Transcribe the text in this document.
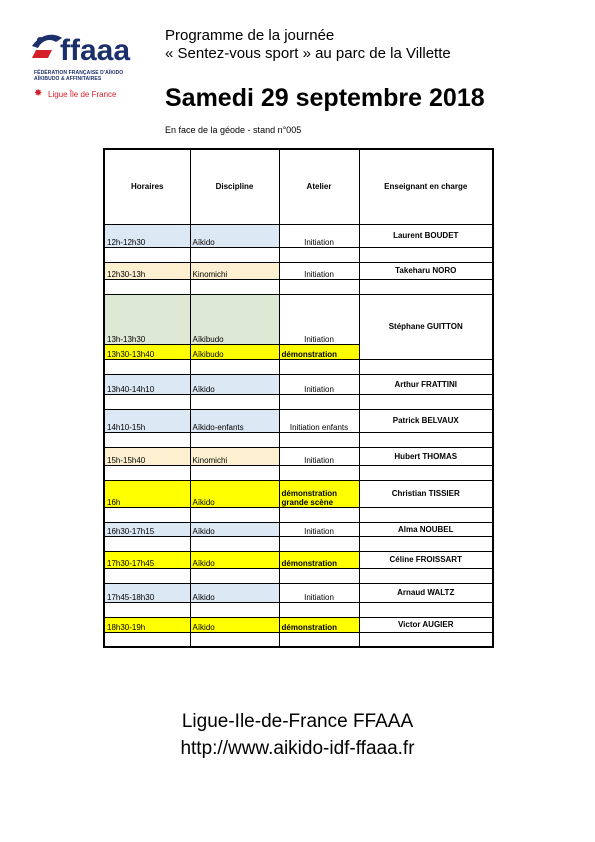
ffaaa
FÉDÉRATION FRANÇAISE D'AÏKIDO
AÏKIBUDO & AFFINITAIRES
✸ Ligue Île de France
Programme de la journée
« Sentez-vous sport » au parc de la Villette
Samedi 29 septembre 2018
En face de la géode - stand n°005
Horaires	Discipline	Atelier	Enseignant en charge
12h-12h30	Aïkido	Initiation	Laurent BOUDET

12h30-13h	Kinomichi	Initiation	Takeharu NORO

13h-13h30	Aïkibudo	Initiation	Stéphane GUITTON
13h30-13h40	Aïkibudo	démonstration	

13h40-14h10	Aïkido	Initiation	Arthur FRATTINI

14h10-15h	Aïkido-enfants	Initiation enfants	Patrick BELVAUX

15h-15h40	Kinomichi	Initiation	Hubert THOMAS

16h	Aïkido	démonstration grande scène	Christian TISSIER

16h30-17h15	Aïkido	Initiation	Alma NOUBEL

17h30-17h45	Aïkido	démonstration	Céline FROISSART

17h45-18h30	Aïkido	Initiation	Arnaud WALTZ

18h30-19h	Aïkido	démonstration	Victor AUGIER

Ligue-Ile-de-France FFAAA
http://www.aikido-idf-ffaaa.fr
